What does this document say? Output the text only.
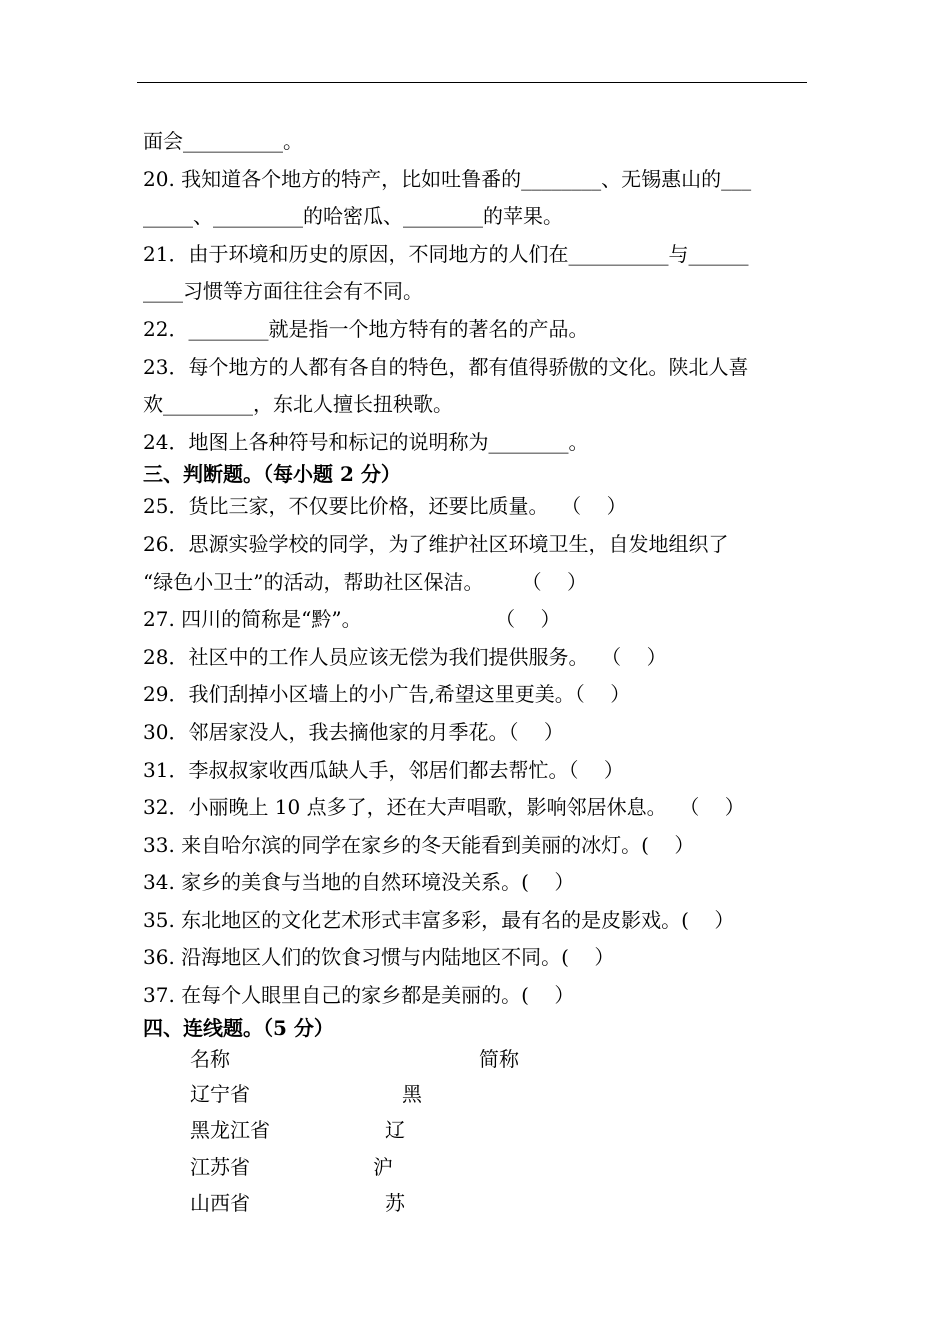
面会__________。
20. 我知道各个地方的特产，比如吐鲁番的________、无锡惠山的___
_____、_________的哈密瓜、________的苹果。
21．由于环境和历史的原因，不同地方的人们在__________与______
____习惯等方面往往会有不同。
22．________就是指一个地方特有的著名的产品。
23．每个地方的人都有各自的特色，都有值得骄傲的文化。陕北人喜
欢_________，东北人擅长扭秧歌。
24．地图上各种符号和标记的说明称为________。
三、判断题。（每小题 2 分）
25．货比三家，不仅要比价格，还要比质量。  （    ）
26．思源实验学校的同学，为了维护社区环境卫生，自发地组织了
“绿色小卫士”的活动，帮助社区保洁。      （    ）
27. 四川的简称是“黔”。                     （    ）
28．社区中的工作人员应该无偿为我们提供服务。  （    ）
29．我们刮掉小区墙上的小广告,希望这里更美。（    ）
30．邻居家没人，我去摘他家的月季花。（    ）
31．李叔叔家收西瓜缺人手，邻居们都去帮忙。（    ）
32．小丽晚上 10 点多了，还在大声唱歌，影响邻居休息。  （    ）
33. 来自哈尔滨的同学在家乡的冬天能看到美丽的冰灯。(    ）
34. 家乡的美食与当地的自然环境没关系。(    ）
35. 东北地区的文化艺术形式丰富多彩，最有名的是皮影戏。(    ）
36. 沿海地区人们的饮食习惯与内陆地区不同。(    ）
37. 在每个人眼里自己的家乡都是美丽的。(    ）
四、连线题。（5 分）
名称	简称
辽宁省	黑
黑龙江省	辽
江苏省	沪
山西省	苏
